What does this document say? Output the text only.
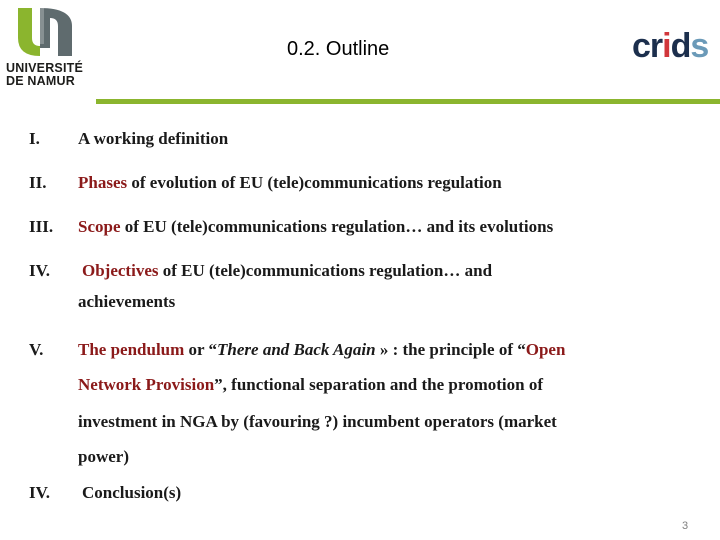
UNIVERSITÉ
DE NAMUR
crids
0.2. Outline
I. A working definition
II. Phases of evolution of EU (tele)communications regulation
III. Scope of EU (tele)communications regulation… and its evolutions
IV. Objectives of EU (tele)communications regulation… and
achievements
V. The pendulum or “There and Back Again » : the principle of “Open
Network Provision”, functional separation and the promotion of
investment in NGA by (favouring ?) incumbent operators (market
power)
IV. Conclusion(s)
3
